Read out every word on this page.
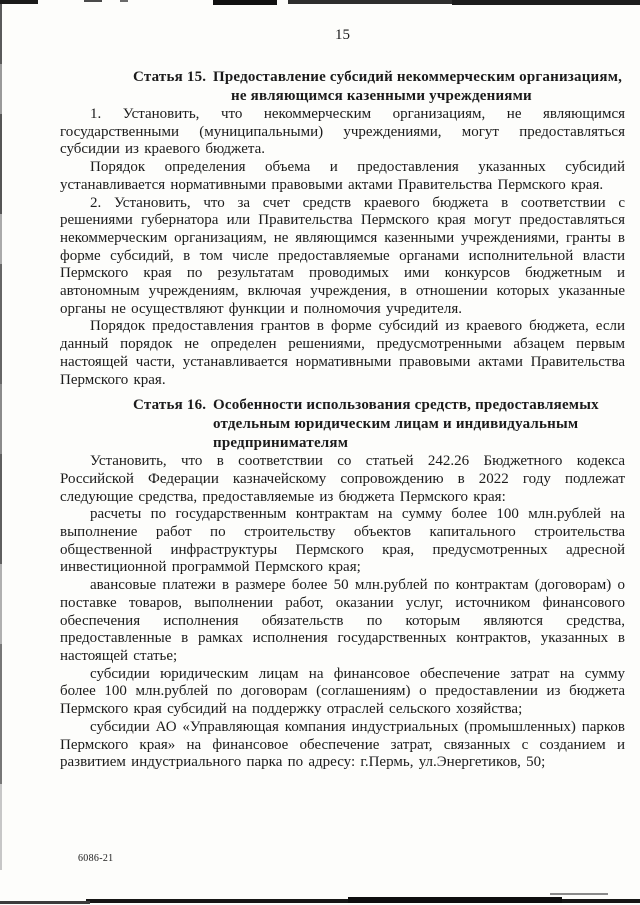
15
Статья 15. Предоставление субсидий некоммерческим организациям,
не являющимся казенными учреждениями

1. Установить, что некоммерческим организациям, не являющимся государственными (муниципальными) учреждениями, могут предоставляться субсидии из краевого бюджета.

Порядок определения объема и предоставления указанных субсидий устанавливается нормативными правовыми актами Правительства Пермского края.

2. Установить, что за счет средств краевого бюджета в соответствии с решениями губернатора или Правительства Пермского края могут предоставляться некоммерческим организациям, не являющимся казенными учреждениями, гранты в форме субсидий, в том числе предоставляемые органами исполнительной власти Пермского края по результатам проводимых ими конкурсов бюджетным и автономным учреждениям, включая учреждения, в отношении которых указанные органы не осуществляют функции и полномочия учредителя.

Порядок предоставления грантов в форме субсидий из краевого бюджета, если данный порядок не определен решениями, предусмотренными абзацем первым настоящей части, устанавливается нормативными правовыми актами Правительства Пермского края.

Статья 16. Особенности использования средств, предоставляемых
отдельным юридическим лицам и индивидуальным
предпринимателям

Установить, что в соответствии со статьей 242.26 Бюджетного кодекса Российской Федерации казначейскому сопровождению в 2022 году подлежат следующие средства, предоставляемые из бюджета Пермского края:

расчеты по государственным контрактам на сумму более 100 млн.рублей на выполнение работ по строительству объектов капитального строительства общественной инфраструктуры Пермского края, предусмотренных адресной инвестиционной программой Пермского края;

авансовые платежи в размере более 50 млн.рублей по контрактам (договорам) о поставке товаров, выполнении работ, оказании услуг, источником финансового обеспечения исполнения обязательств по которым являются средства, предоставленные в рамках исполнения государственных контрактов, указанных в настоящей статье;

субсидии юридическим лицам на финансовое обеспечение затрат на сумму более 100 млн.рублей по договорам (соглашениям) о предоставлении из бюджета Пермского края субсидий на поддержку отраслей сельского хозяйства;

субсидии АО «Управляющая компания индустриальных (промышленных) парков Пермского края» на финансовое обеспечение затрат, связанных с созданием и развитием индустриального парка по адресу: г.Пермь, ул.Энергетиков, 50;

6086-21
